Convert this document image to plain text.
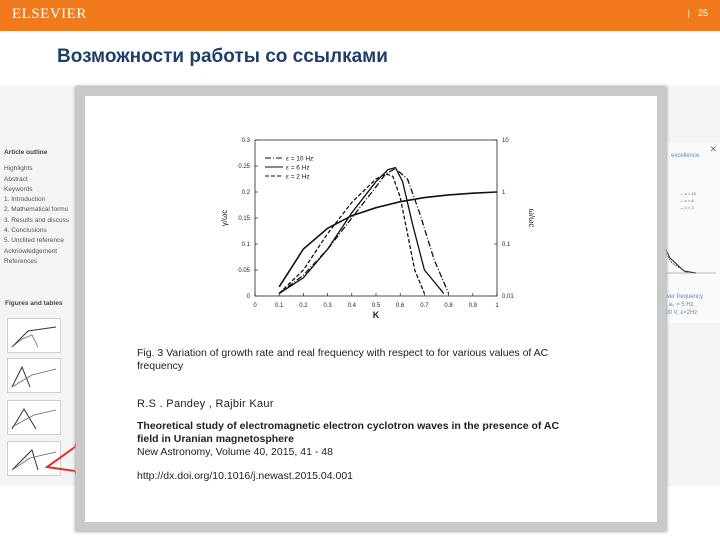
ELSEVIER	| 25
Возможности работы со ссылками
Article outline
Highlights
Abstract
Keywords
1. Introduction
2. Mathematical formu
3. Results and discuss
4. Conclusions
5. Unclited reference
Acknowledgement
References
Figures and tables
✕
excellence
— ε = 10
— ε = 6
— ε = 2
ower frequency
a, a₀ = 5 Hz
200 V, ϵ=2Hz
0	0.1	0.2	0.3	0.4	0.5	0.6	0.7	0.8	0.9	1
0
0.05
0.1
0.15
0.2
0.25
0.3
0.01
0.1
1
10
K
γ/ωc	ω/ωc
ε = 10 Hz
ε = 6 Hz
ε = 2 Hz
Fig. 3 Variation of growth rate and real frequency with respect to for various values of AC frequency
R.S . Pandey , Rajbir Kaur
Theoretical study of electromagnetic electron cyclotron waves in the presence of AC field in Uranian magnetosphere
New Astronomy, Volume 40, 2015, 41 - 48
http://dx.doi.org/10.1016/j.newast.2015.04.001
